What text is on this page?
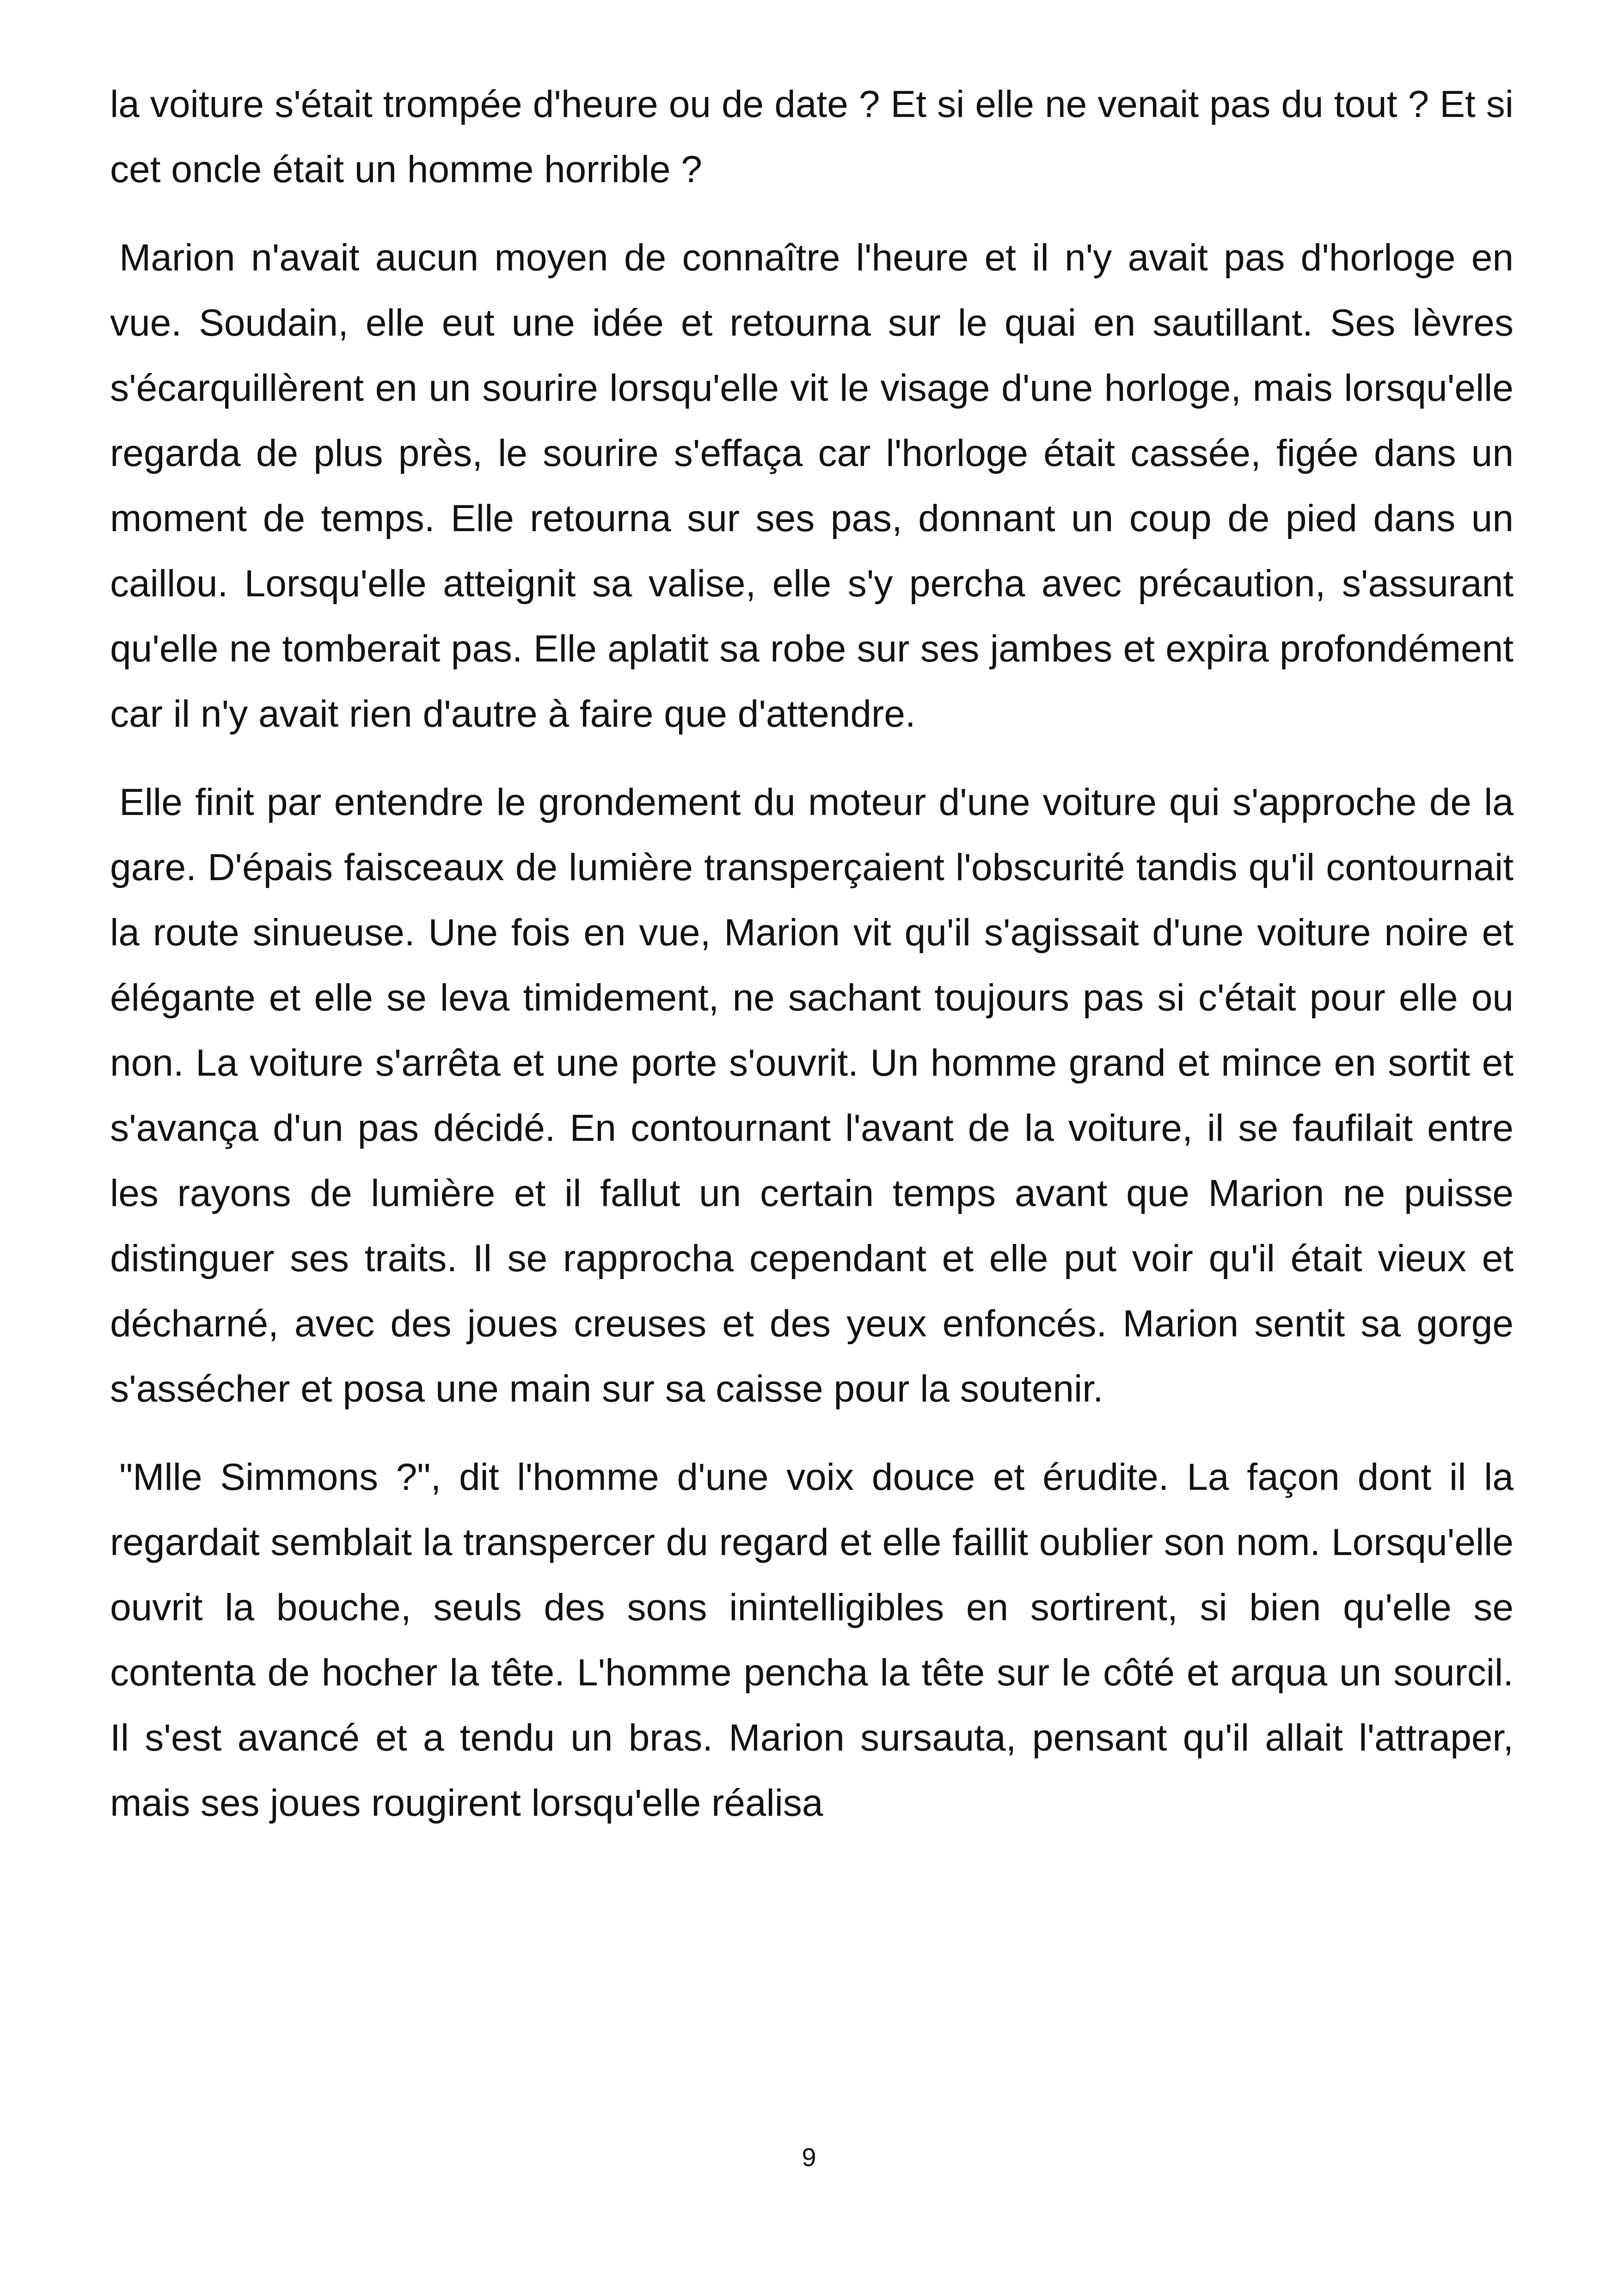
la voiture s'était trompée d'heure ou de date ? Et si elle ne venait pas du tout ? Et si cet oncle était un homme horrible ?

Marion n'avait aucun moyen de connaître l'heure et il n'y avait pas d'horloge en vue. Soudain, elle eut une idée et retourna sur le quai en sautillant. Ses lèvres s'écarquillèrent en un sourire lorsqu'elle vit le visage d'une horloge, mais lorsqu'elle regarda de plus près, le sourire s'effaça car l'horloge était cassée, figée dans un moment de temps. Elle retourna sur ses pas, donnant un coup de pied dans un caillou. Lorsqu'elle atteignit sa valise, elle s'y percha avec précaution, s'assurant qu'elle ne tomberait pas. Elle aplatit sa robe sur ses jambes et expira profondément car il n'y avait rien d'autre à faire que d'attendre.

Elle finit par entendre le grondement du moteur d'une voiture qui s'approche de la gare. D'épais faisceaux de lumière transperçaient l'obscurité tandis qu'il contournait la route sinueuse. Une fois en vue, Marion vit qu'il s'agissait d'une voiture noire et élégante et elle se leva timidement, ne sachant toujours pas si c'était pour elle ou non. La voiture s'arrêta et une porte s'ouvrit. Un homme grand et mince en sortit et s'avança d'un pas décidé. En contournant l'avant de la voiture, il se faufilait entre les rayons de lumière et il fallut un certain temps avant que Marion ne puisse distinguer ses traits. Il se rapprocha cependant et elle put voir qu'il était vieux et décharné, avec des joues creuses et des yeux enfoncés. Marion sentit sa gorge s'assécher et posa une main sur sa caisse pour la soutenir.

"Mlle Simmons ?", dit l'homme d'une voix douce et érudite. La façon dont il la regardait semblait la transpercer du regard et elle faillit oublier son nom. Lorsqu'elle ouvrit la bouche, seuls des sons inintelligibles en sortirent, si bien qu'elle se contenta de hocher la tête. L'homme pencha la tête sur le côté et arqua un sourcil. Il s'est avancé et a tendu un bras. Marion sursauta, pensant qu'il allait l'attraper, mais ses joues rougirent lorsqu'elle réalisa

9
